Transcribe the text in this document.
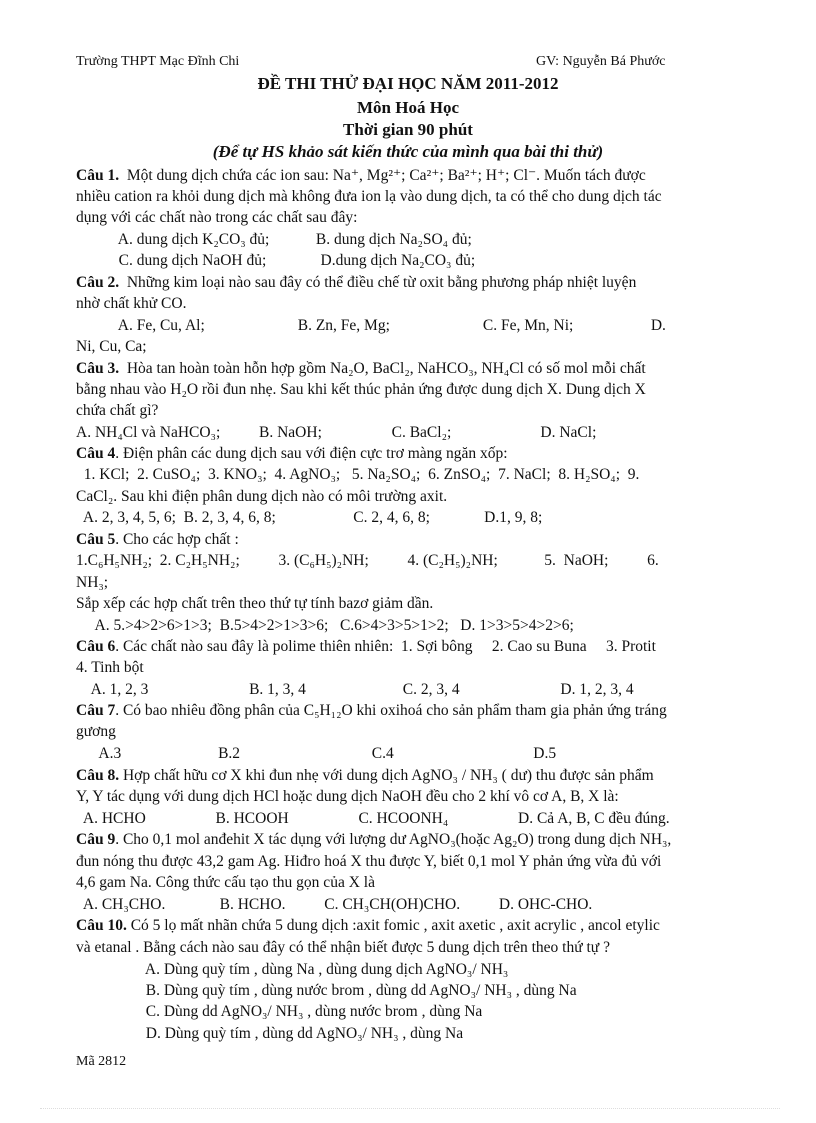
Trường THPT Mạc Đĩnh Chi	GV: Nguyễn Bá Phước
ĐỀ THI THỬ ĐẠI HỌC NĂM 2011-2012
Môn Hoá Học
Thời gian 90 phút
(Để tự HS khảo sát kiến thức của mình qua bài thi thử)
Câu 1.  Một dung dịch chứa các ion sau: Na⁺, Mg²⁺; Ca²⁺; Ba²⁺; H⁺; Cl⁻. Muốn tách được
nhiều cation ra khỏi dung dịch mà không đưa ion lạ vào dung dịch, ta có thể cho dung dịch tác
dụng với các chất nào trong các chất sau đây:
A. dung dịch K₂CO₃ đủ;            B. dung dịch Na₂SO₄ đủ;
C. dung dịch NaOH đủ;              D.dung dịch Na₂CO₃ đủ;
Câu 2.  Những kim loại nào sau đây có thể điều chế từ oxit bằng phương pháp nhiệt luyện
nhờ chất khử CO.
A. Fe, Cu, Al;                        B. Zn, Fe, Mg;                        C. Fe, Mn, Ni;                    D.
Ni, Cu, Ca;
Câu 3.  Hòa tan hoàn toàn hỗn hợp gồm Na₂O, BaCl₂, NaHCO₃, NH₄Cl có số mol mỗi chất
bằng nhau vào H₂O rồi đun nhẹ. Sau khi kết thúc phản ứng được dung dịch X. Dung dịch X
chứa chất gì?
A. NH₄Cl và NaHCO₃;          B. NaOH;                  C. BaCl₂;                       D. NaCl;
Câu 4. Điện phân các dung dịch sau với điện cực trơ màng ngăn xốp:
1. KCl;  2. CuSO₄;  3. KNO₃;  4. AgNO₃;   5. Na₂SO₄;  6. ZnSO₄;  7. NaCl;  8. H₂SO₄;  9.
CaCl₂. Sau khi điện phân dung dịch nào có môi trường axit.
A. 2, 3, 4, 5, 6;  B. 2, 3, 4, 6, 8;                    C. 2, 4, 6, 8;              D.1, 9, 8;
Câu 5. Cho các hợp chất :
1.C₆H₅NH₂;  2. C₂H₅NH₂;          3. (C₆H₅)₂NH;          4. (C₂H₅)₂NH;            5.  NaOH;          6.
NH₃;
Sắp xếp các hợp chất trên theo thứ tự tính bazơ giảm dần.
A. 5.>4>2>6>1>3;  B.5>4>2>1>3>6;   C.6>4>3>5>1>2;   D. 1>3>5>4>2>6;
Câu 6. Các chất nào sau đây là polime thiên nhiên:  1. Sợi bông     2. Cao su Buna     3. Protit
4. Tinh bột
A. 1, 2, 3                          B. 1, 3, 4                         C. 2, 3, 4                          D. 1, 2, 3, 4
Câu 7. Có bao nhiêu đồng phân của C₅H₁₂O khi oxihoá cho sản phẩm tham gia phản ứng tráng
gương
A.3                         B.2                                  C.4                                    D.5
Câu 8. Hợp chất hữu cơ X khi đun nhẹ với dung dịch AgNO₃ / NH₃ ( dư) thu được sản phẩm
Y, Y tác dụng với dung dịch HCl hoặc dung dịch NaOH đều cho 2 khí vô cơ A, B, X là:
A. HCHO                  B. HCOOH                  C. HCOONH₄                  D. Cả A, B, C đều đúng.
Câu 9. Cho 0,1 mol anđehit X tác dụng với lượng dư AgNO₃(hoặc Ag₂O) trong dung dịch NH₃,
đun nóng thu được 43,2 gam Ag. Hiđro hoá X thu được Y, biết 0,1 mol Y phản ứng vừa đủ với
4,6 gam Na. Công thức cấu tạo thu gọn của X là
A. CH₃CHO.              B. HCHO.          C. CH₃CH(OH)CHO.          D. OHC-CHO.
Câu 10. Có 5 lọ mất nhãn chứa 5 dung dịch :axit fomic , axit axetic , axit acrylic , ancol etylic
và etanal . Bằng cách nào sau đây có thể nhận biết được 5 dung dịch trên theo thứ tự ?
A. Dùng quỳ tím , dùng Na , dùng dung dịch AgNO₃/ NH₃
B. Dùng quỳ tím , dùng nước brom , dùng dd AgNO₃/ NH₃ , dùng Na
C. Dùng dd AgNO₃/ NH₃ , dùng nước brom , dùng Na
D. Dùng quỳ tím , dùng dd AgNO₃/ NH₃ , dùng Na
Mã 2812
